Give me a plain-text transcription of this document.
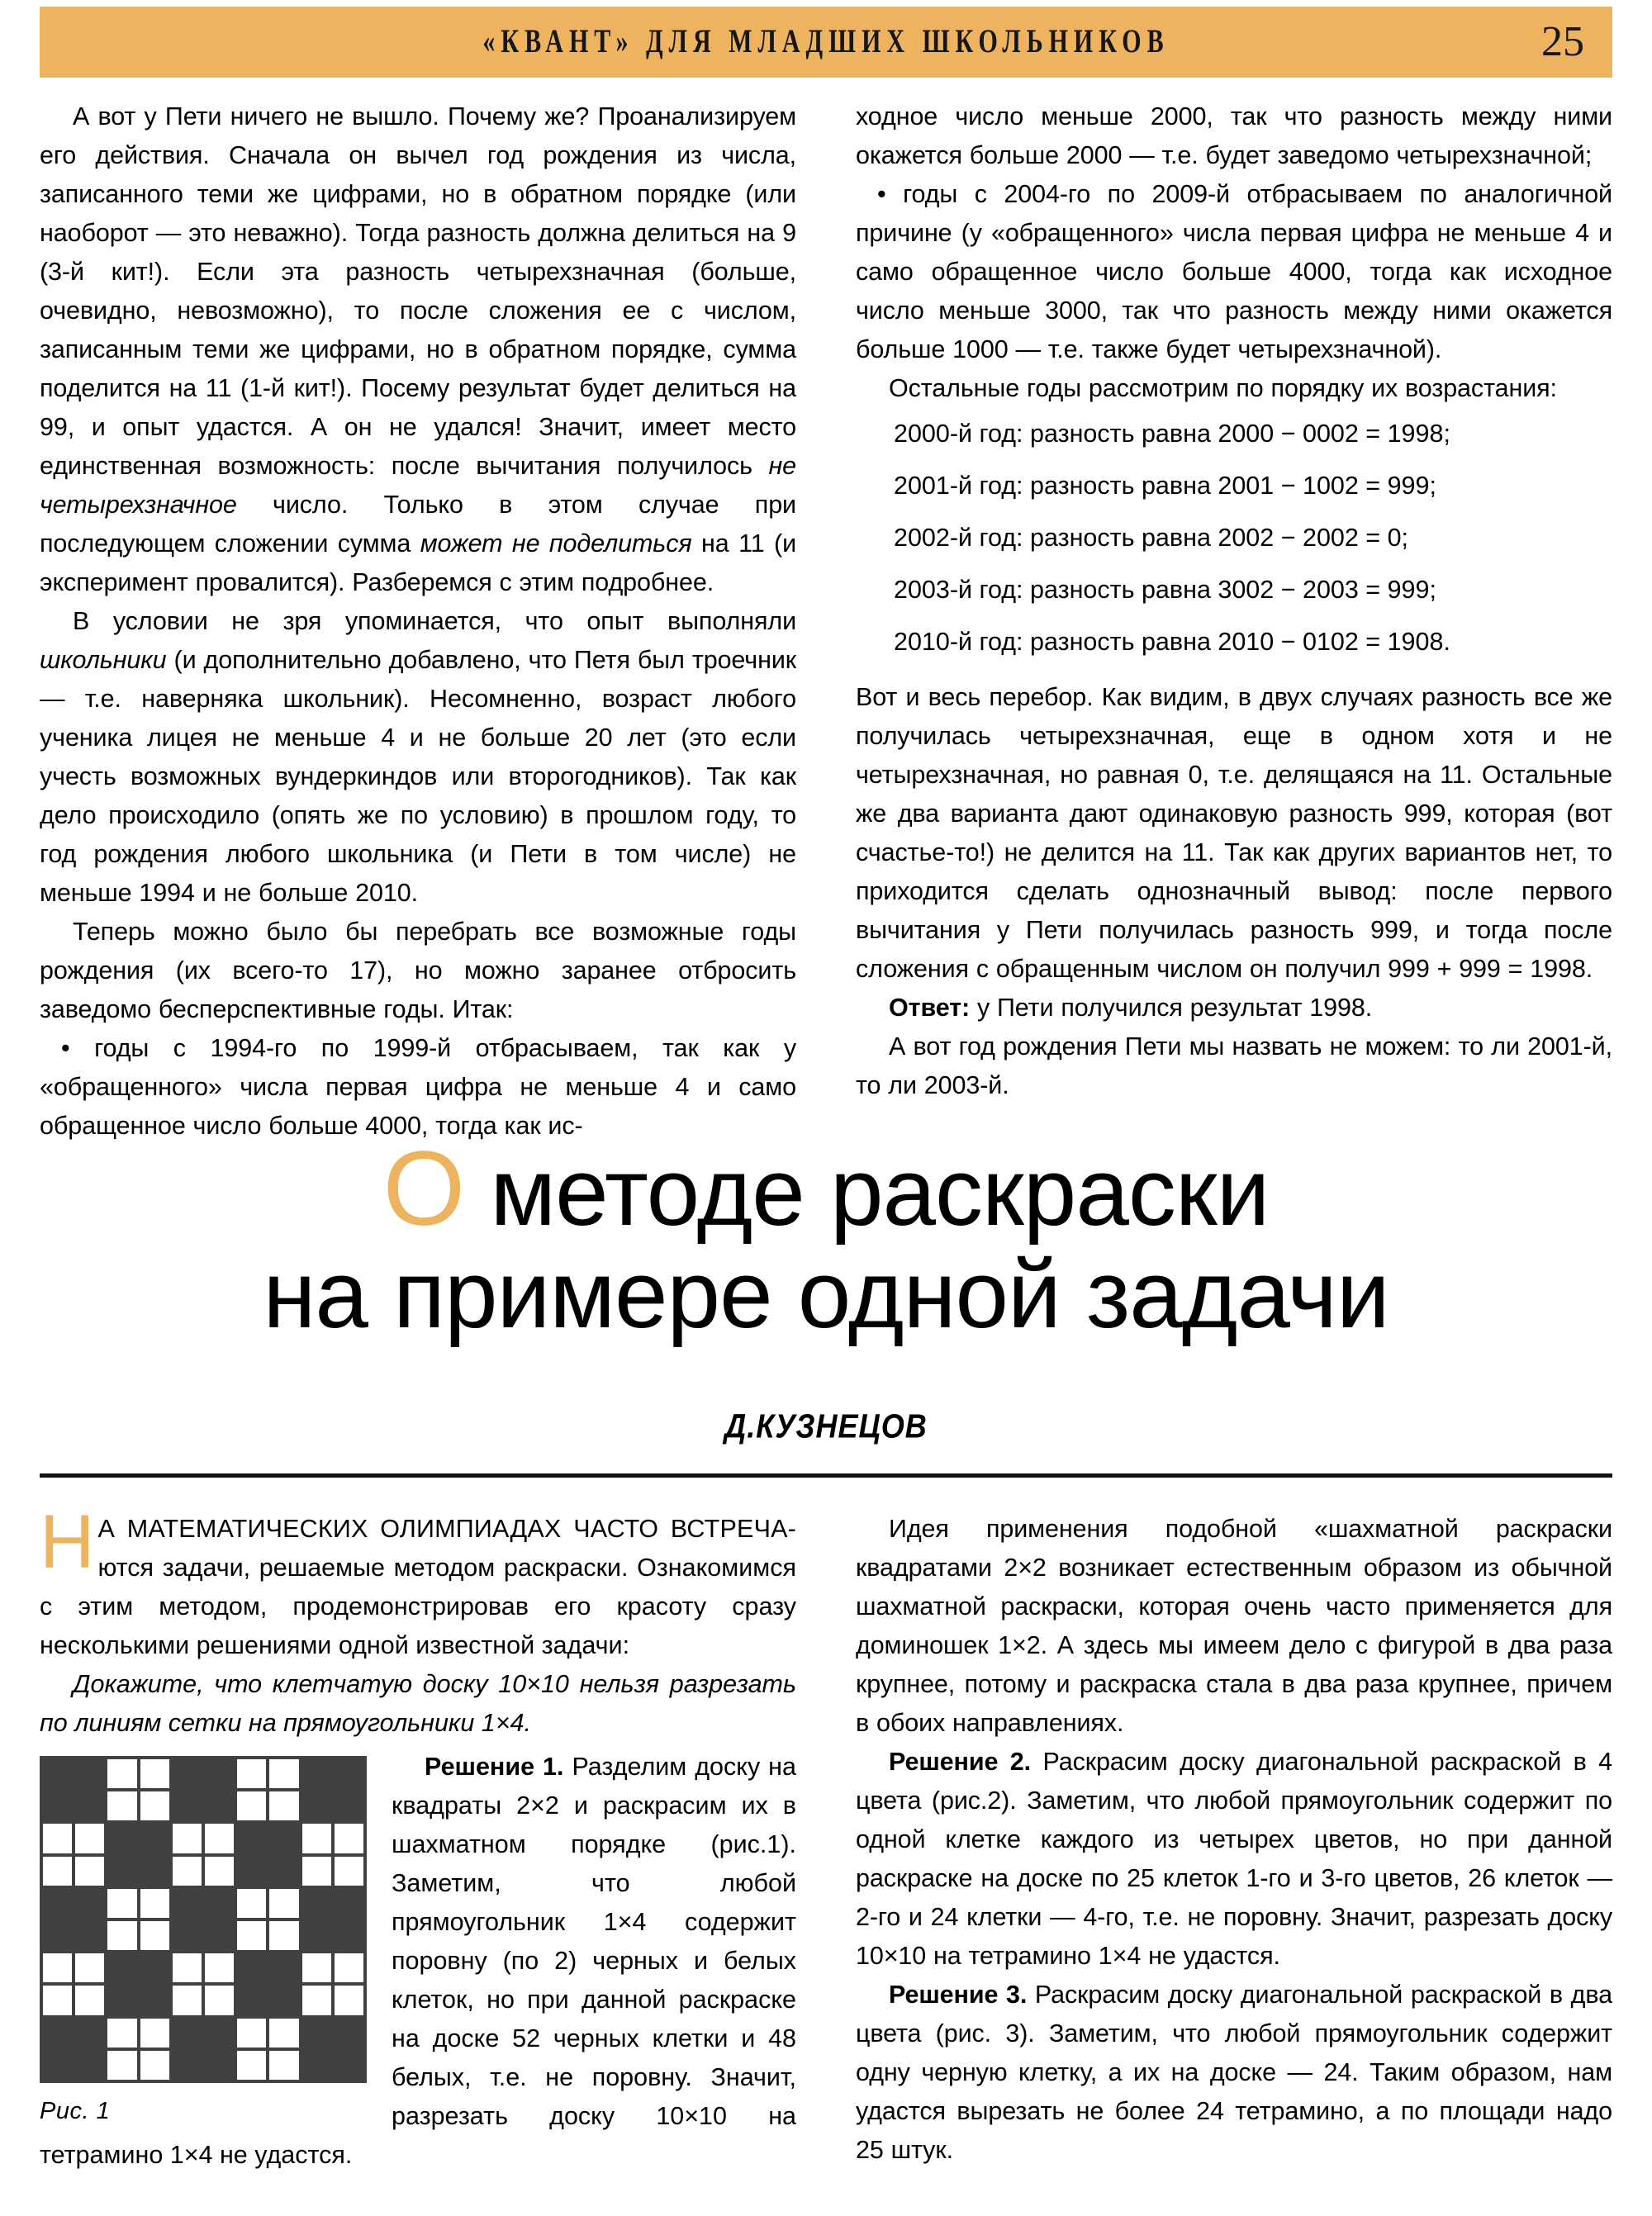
«КВАНТ» ДЛЯ МЛАДШИХ ШКОЛЬНИКОВ	25

А вот у Пети ничего не вышло. Почему же? Проанализируем его действия. Сначала он вычел год рождения из числа, записанного теми же цифрами, но в обратном порядке (или наоборот — это неважно). Тогда разность должна делиться на 9 (3-й кит!). Если эта разность четырехзначная (больше, очевидно, невозможно), то после сложения ее с числом, записанным теми же цифрами, но в обратном порядке, сумма поделится на 11 (1-й кит!). Посему результат будет делиться на 99, и опыт удастся. А он не удался! Значит, имеет место единственная возможность: после вычитания получилось не четырехзначное число. Только в этом случае при последующем сложении сумма может не поделиться на 11 (и эксперимент провалится). Разберемся с этим подробнее.

В условии не зря упоминается, что опыт выполняли школьники (и дополнительно добавлено, что Петя был троечник — т.е. наверняка школьник). Несомненно, возраст любого ученика лицея не меньше 4 и не больше 20 лет (это если учесть возможных вундеркиндов или второгодников). Так как дело происходило (опять же по условию) в прошлом году, то год рождения любого школьника (и Пети в том числе) не меньше 1994 и не больше 2010.

Теперь можно было бы перебрать все возможные годы рождения (их всего-то 17), но можно заранее отбросить заведомо бесперспективные годы. Итак:

• годы с 1994-го по 1999-й отбрасываем, так как у «обращенного» числа первая цифра не меньше 4 и само обращенное число больше 4000, тогда как ис-

ходное число меньше 2000, так что разность между ними окажется больше 2000 — т.е. будет заведомо четырехзначной;

• годы с 2004-го по 2009-й отбрасываем по аналогичной причине (у «обращенного» числа первая цифра не меньше 4 и само обращенное число больше 4000, тогда как исходное число меньше 3000, так что разность между ними окажется больше 1000 — т.е. также будет четырехзначной).

Остальные годы рассмотрим по порядку их возрастания:

2000-й год: разность равна 2000 − 0002 = 1998;

2001-й год: разность равна 2001 − 1002 = 999;

2002-й год: разность равна 2002 − 2002 = 0;

2003-й год: разность равна 3002 − 2003 = 999;

2010-й год: разность равна 2010 − 0102 = 1908.

Вот и весь перебор. Как видим, в двух случаях разность все же получилась четырехзначная, еще в одном хотя и не четырехзначная, но равная 0, т.е. делящаяся на 11. Остальные же два варианта дают одинаковую разность 999, которая (вот счастье-то!) не делится на 11. Так как других вариантов нет, то приходится сделать однозначный вывод: после первого вычитания у Пети получилась разность 999, и тогда после сложения с обращенным числом он получил 999 + 999 = 1998.

Ответ: у Пети получился результат 1998.

А вот год рождения Пети мы назвать не можем: то ли 2001-й, то ли 2003-й.

О методе раскраски
на примере одной задачи
Д.КУЗНЕЦОВ

Н А МАТЕМАТИЧЕСКИХ ОЛИМПИАДАХ ЧАСТО ВСТРЕЧА-ются задачи, решаемые методом раскраски. Ознакомимся с этим методом, продемонстрировав его красоту сразу несколькими решениями одной известной задачи:

Докажите, что клетчатую доску 10×10 нельзя разрезать по линиям сетки на прямоугольники 1×4.

Рис. 1

Решение 1. Разделим доску на квадраты 2×2 и раскрасим их в шахматном порядке (рис.1). Заметим, что любой прямоугольник 1×4 содержит поровну (по 2) черных и белых клеток, но при данной раскраске на доске 52 черных клетки и 48 белых, т.е. не поровну. Значит, разрезать доску 10×10 на тетрамино 1×4 не удастся.

Идея применения подобной «шахматной раскраски квадратами 2×2 возникает естественным образом из обычной шахматной раскраски, которая очень часто применяется для доминошек 1×2. А здесь мы имеем дело с фигурой в два раза крупнее, потому и раскраска стала в два раза крупнее, причем в обоих направлениях.

Решение 2. Раскрасим доску диагональной раскраской в 4 цвета (рис.2). Заметим, что любой прямоугольник содержит по одной клетке каждого из четырех цветов, но при данной раскраске на доске по 25 клеток 1-го и 3-го цветов, 26 клеток — 2-го и 24 клетки — 4-го, т.е. не поровну. Значит, разрезать доску 10×10 на тетрамино 1×4 не удастся.

Решение 3. Раскрасим доску диагональной раскраской в два цвета (рис. 3). Заметим, что любой прямоугольник содержит одну черную клетку, а их на доске — 24. Таким образом, нам удастся вырезать не более 24 тетрамино, а по площади надо 25 штук.
